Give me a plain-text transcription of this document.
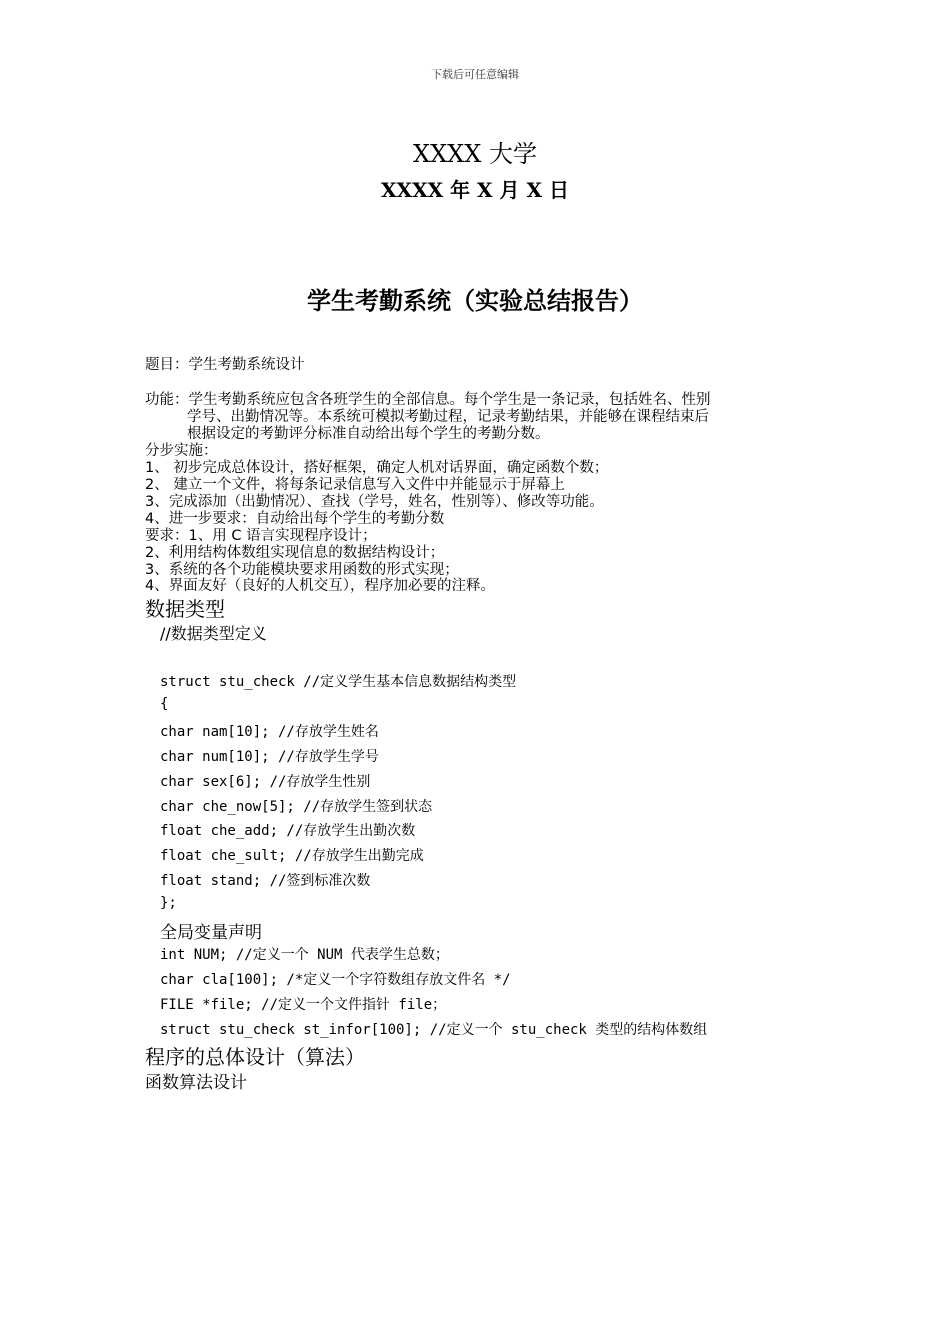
下载后可任意编辑
XXXX 大学
XXXX 年 X 月 X 日
学生考勤系统（实验总结报告）
题目：学生考勤系统设计
功能：学生考勤系统应包含各班学生的全部信息。每个学生是一条记录，包括姓名、性别
学号、出勤情况等。本系统可模拟考勤过程，记录考勤结果，并能够在课程结束后
根据设定的考勤评分标准自动给出每个学生的考勤分数。
分步实施：
1、 初步完成总体设计，搭好框架，确定人机对话界面，确定函数个数；
2、 建立一个文件，将每条记录信息写入文件中并能显示于屏幕上
3、完成添加（出勤情况）、查找（学号，姓名，性别等）、修改等功能。
4、进一步要求：自动给出每个学生的考勤分数
要求：1、用 C 语言实现程序设计；
2、利用结构体数组实现信息的数据结构设计；
3、系统的各个功能模块要求用函数的形式实现；
4、界面友好（良好的人机交互），程序加必要的注释。
数据类型
//数据类型定义
struct stu_check //定义学生基本信息数据结构类型
{
char nam[10]; //存放学生姓名
char num[10]; //存放学生学号
char sex[6]; //存放学生性别
char che_now[5]; //存放学生签到状态
float che_add; //存放学生出勤次数
float che_sult; //存放学生出勤完成
float stand; //签到标准次数
};
全局变量声明
int NUM; //定义一个 NUM 代表学生总数；
char cla[100]; /*定义一个字符数组存放文件名 */
FILE *file; //定义一个文件指针 file；
struct stu_check st_infor[100]; //定义一个 stu_check 类型的结构体数组
程序的总体设计（算法）
函数算法设计
